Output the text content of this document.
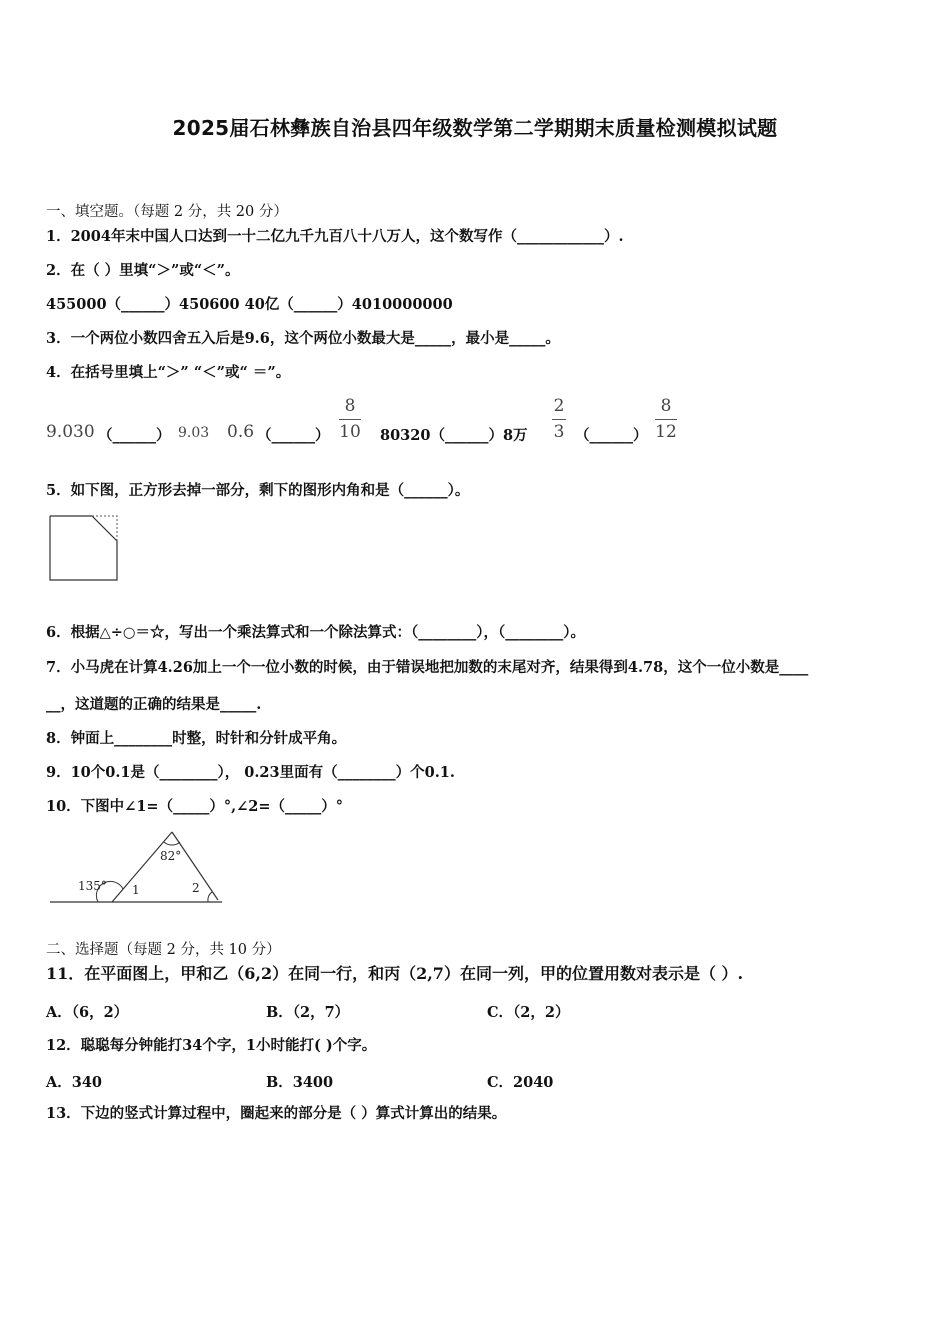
2025届石林彝族自治县四年级数学第二学期期末质量检测模拟试题
一、填空题。（每题 2 分，共 20 分）
1．2004年末中国人口达到一十二亿九千九百八十八万人，这个数写作（____________）.
2．在（ ）里填“＞”或“＜”。
455000（______）450600 40亿（______）4010000000
3．一个两位小数四舍五入后是9.6，这个两位小数最大是_____，最小是_____。
4．在括号里填上“＞” “＜”或“ ＝”。
9.030 （______） 9.03 0.6 （______）
8
10 80320（______）8万
2
3 （______）
8
12
5．如下图，正方形去掉一部分，剩下的图形内角和是（______）。
6．根据△÷○＝☆，写出一个乘法算式和一个除法算式：（________），（________）。
7．小马虎在计算4.26加上一个一位小数的时候，由于错误地把加数的末尾对齐，结果得到4.78，这个一位小数是____
__，这道题的正确的结果是_____.
8．钟面上________时整，时针和分针成平角。
9．10个0.1是（________）， 0.23里面有（________）个0.1.
10．下图中∠1=（_____）°,∠2=（_____）°
82°
135° 1	2
二、选择题（每题 2 分，共 10 分）
11．在平面图上，甲和乙（6,2）在同一行，和丙（2,7）在同一列，甲的位置用数对表示是（ ）.
A．（6，2）	B．（2，7）	C．（2，2）
12．聪聪每分钟能打34个字，1小时能打( )个字。
A．340	B．3400	C．2040
13．下边的竖式计算过程中，圈起来的部分是（ ）算式计算出的结果。
